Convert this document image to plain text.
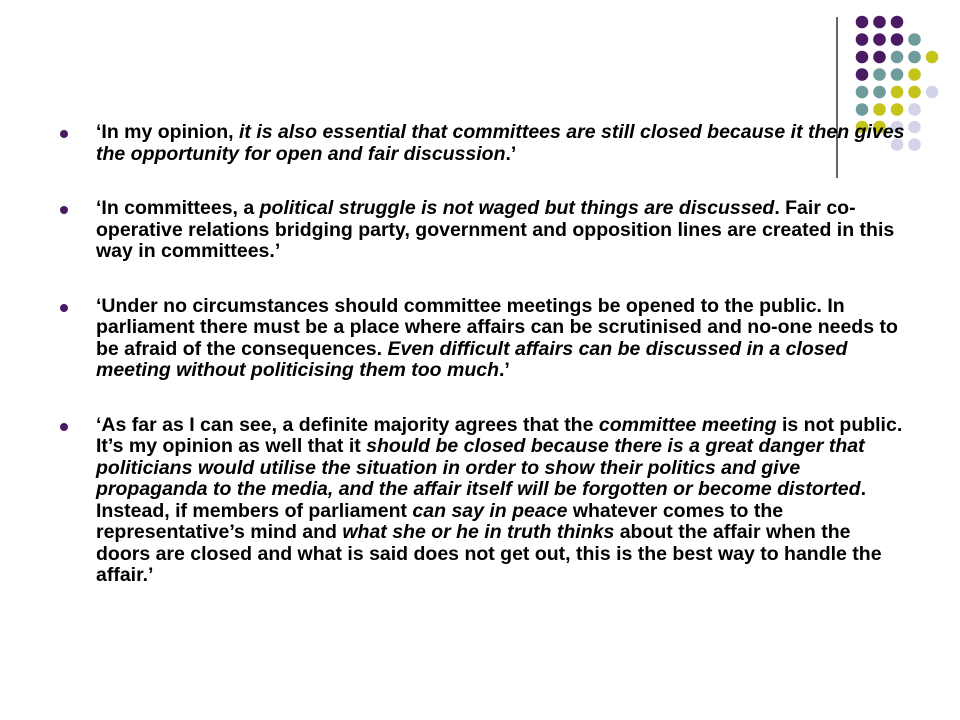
‘In my opinion, it is also essential that committees are still closed because it then gives the opportunity for open and fair discussion.’
‘In committees, a political struggle is not waged but things are discussed. Fair co-operative relations bridging party, government and opposition lines are created in this way in committees.’
‘Under no circumstances should committee meetings be opened to the public. In parliament there must be a place where affairs can be scrutinised and no-one needs to be afraid of the consequences. Even difficult affairs can be discussed in a closed meeting without politicising them too much.’
‘As far as I can see, a definite majority agrees that the committee meeting is not public. It’s my opinion as well that it should be closed because there is a great danger that politicians would utilise the situation in order to show their politics and give propaganda to the media, and the affair itself will be forgotten or become distorted. Instead, if members of parliament can say in peace whatever comes to the representative’s mind and what she or he in truth thinks about the affair when the doors are closed and what is said does not get out, this is the best way to handle the affair.’
